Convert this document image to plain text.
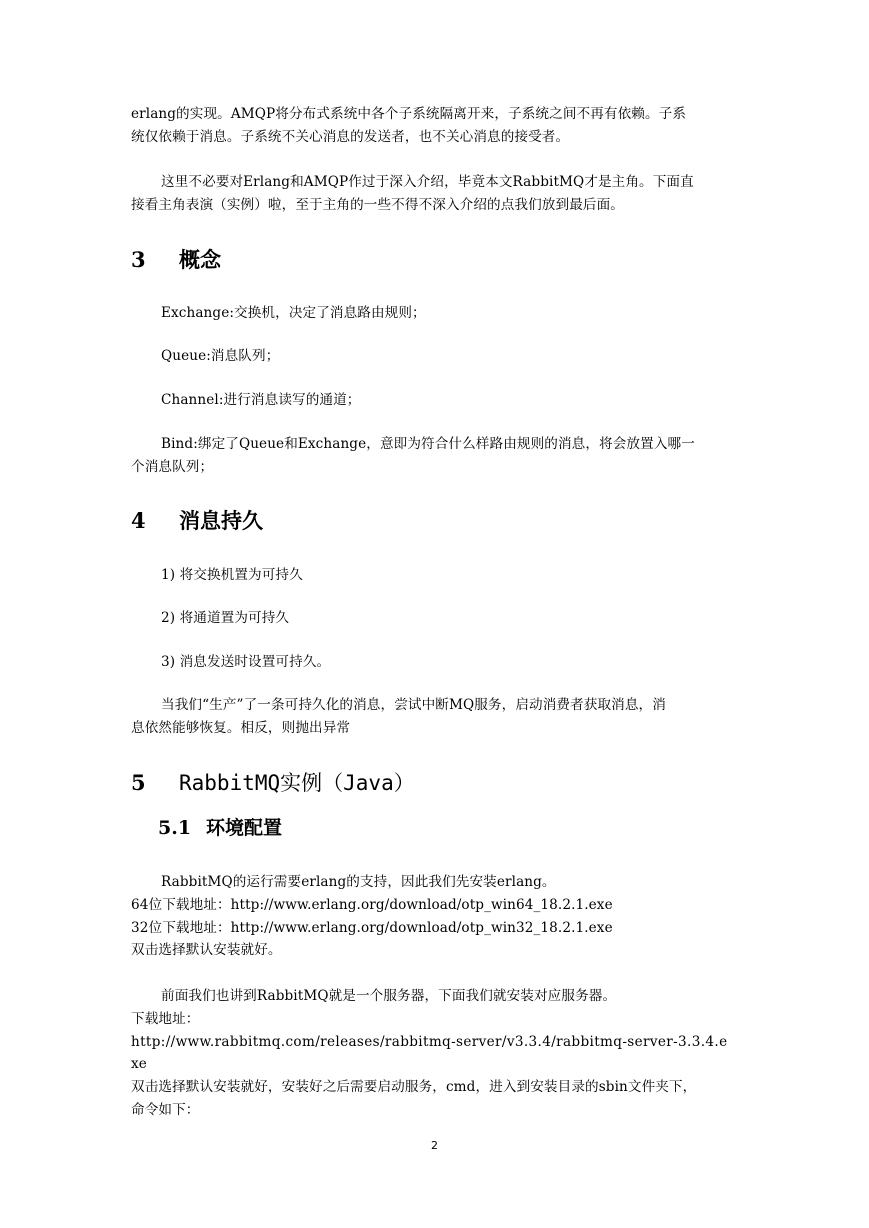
erlang的实现。AMQP将分布式系统中各个子系统隔离开来，子系统之间不再有依赖。子系
统仅依赖于消息。子系统不关心消息的发送者，也不关心消息的接受者。
这里不必要对Erlang和AMQP作过于深入介绍，毕竟本文RabbitMQ才是主角。下面直
接看主角表演（实例）啦，至于主角的一些不得不深入介绍的点我们放到最后面。
3 概念
Exchange:交换机，决定了消息路由规则；
Queue:消息队列；
Channel:进行消息读写的通道；
Bind:绑定了Queue和Exchange，意即为符合什么样路由规则的消息，将会放置入哪一
个消息队列；
4 消息持久
1) 将交换机置为可持久
2) 将通道置为可持久
3) 消息发送时设置可持久。
当我们“生产”了一条可持久化的消息，尝试中断MQ服务，启动消费者获取消息，消
息依然能够恢复。相反，则抛出异常
5 RabbitMQ实例（Java）
5.1 环境配置
RabbitMQ的运行需要erlang的支持，因此我们先安装erlang。
64位下载地址：http://www.erlang.org/download/otp_win64_18.2.1.exe
32位下载地址：http://www.erlang.org/download/otp_win32_18.2.1.exe
双击选择默认安装就好。
前面我们也讲到RabbitMQ就是一个服务器，下面我们就安装对应服务器。
下载地址：
http://www.rabbitmq.com/releases/rabbitmq-server/v3.3.4/rabbitmq-server-3.3.4.e
xe
双击选择默认安装就好，安装好之后需要启动服务，cmd，进入到安装目录的sbin文件夹下，
命令如下：
2
